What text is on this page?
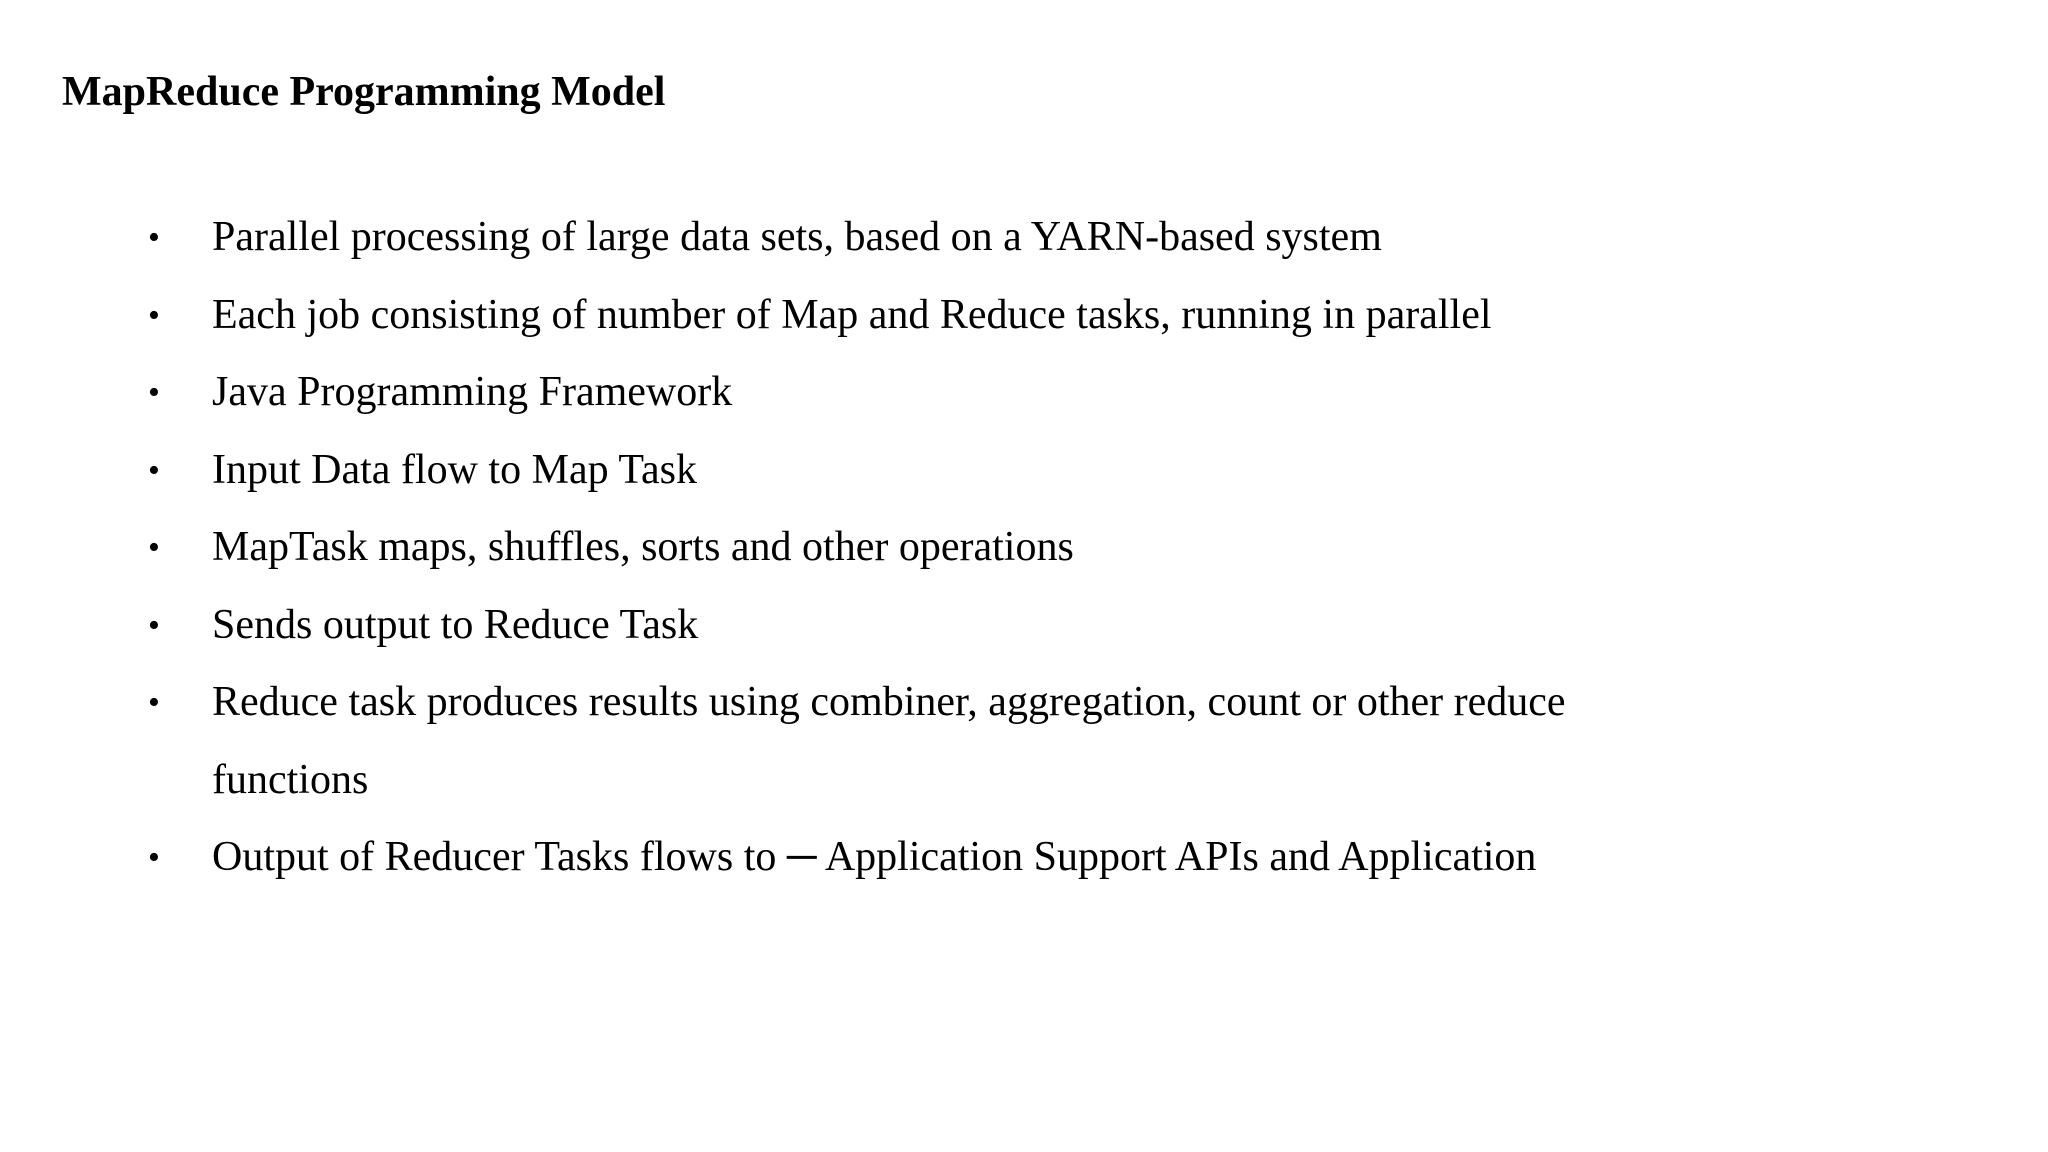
MapReduce Programming Model
•	Parallel processing of large data sets, based on a YARN-based system
•	Each job consisting of number of Map and Reduce tasks, running in parallel
•	Java Programming Framework
•	Input Data flow to Map Task
•	MapTask maps, shuffles, sorts and other operations
•	Sends output to Reduce Task
•	Reduce task produces results using combiner, aggregation, count or other reduce functions
•	Output of Reducer Tasks flows to ─ Application Support APIs and Application
